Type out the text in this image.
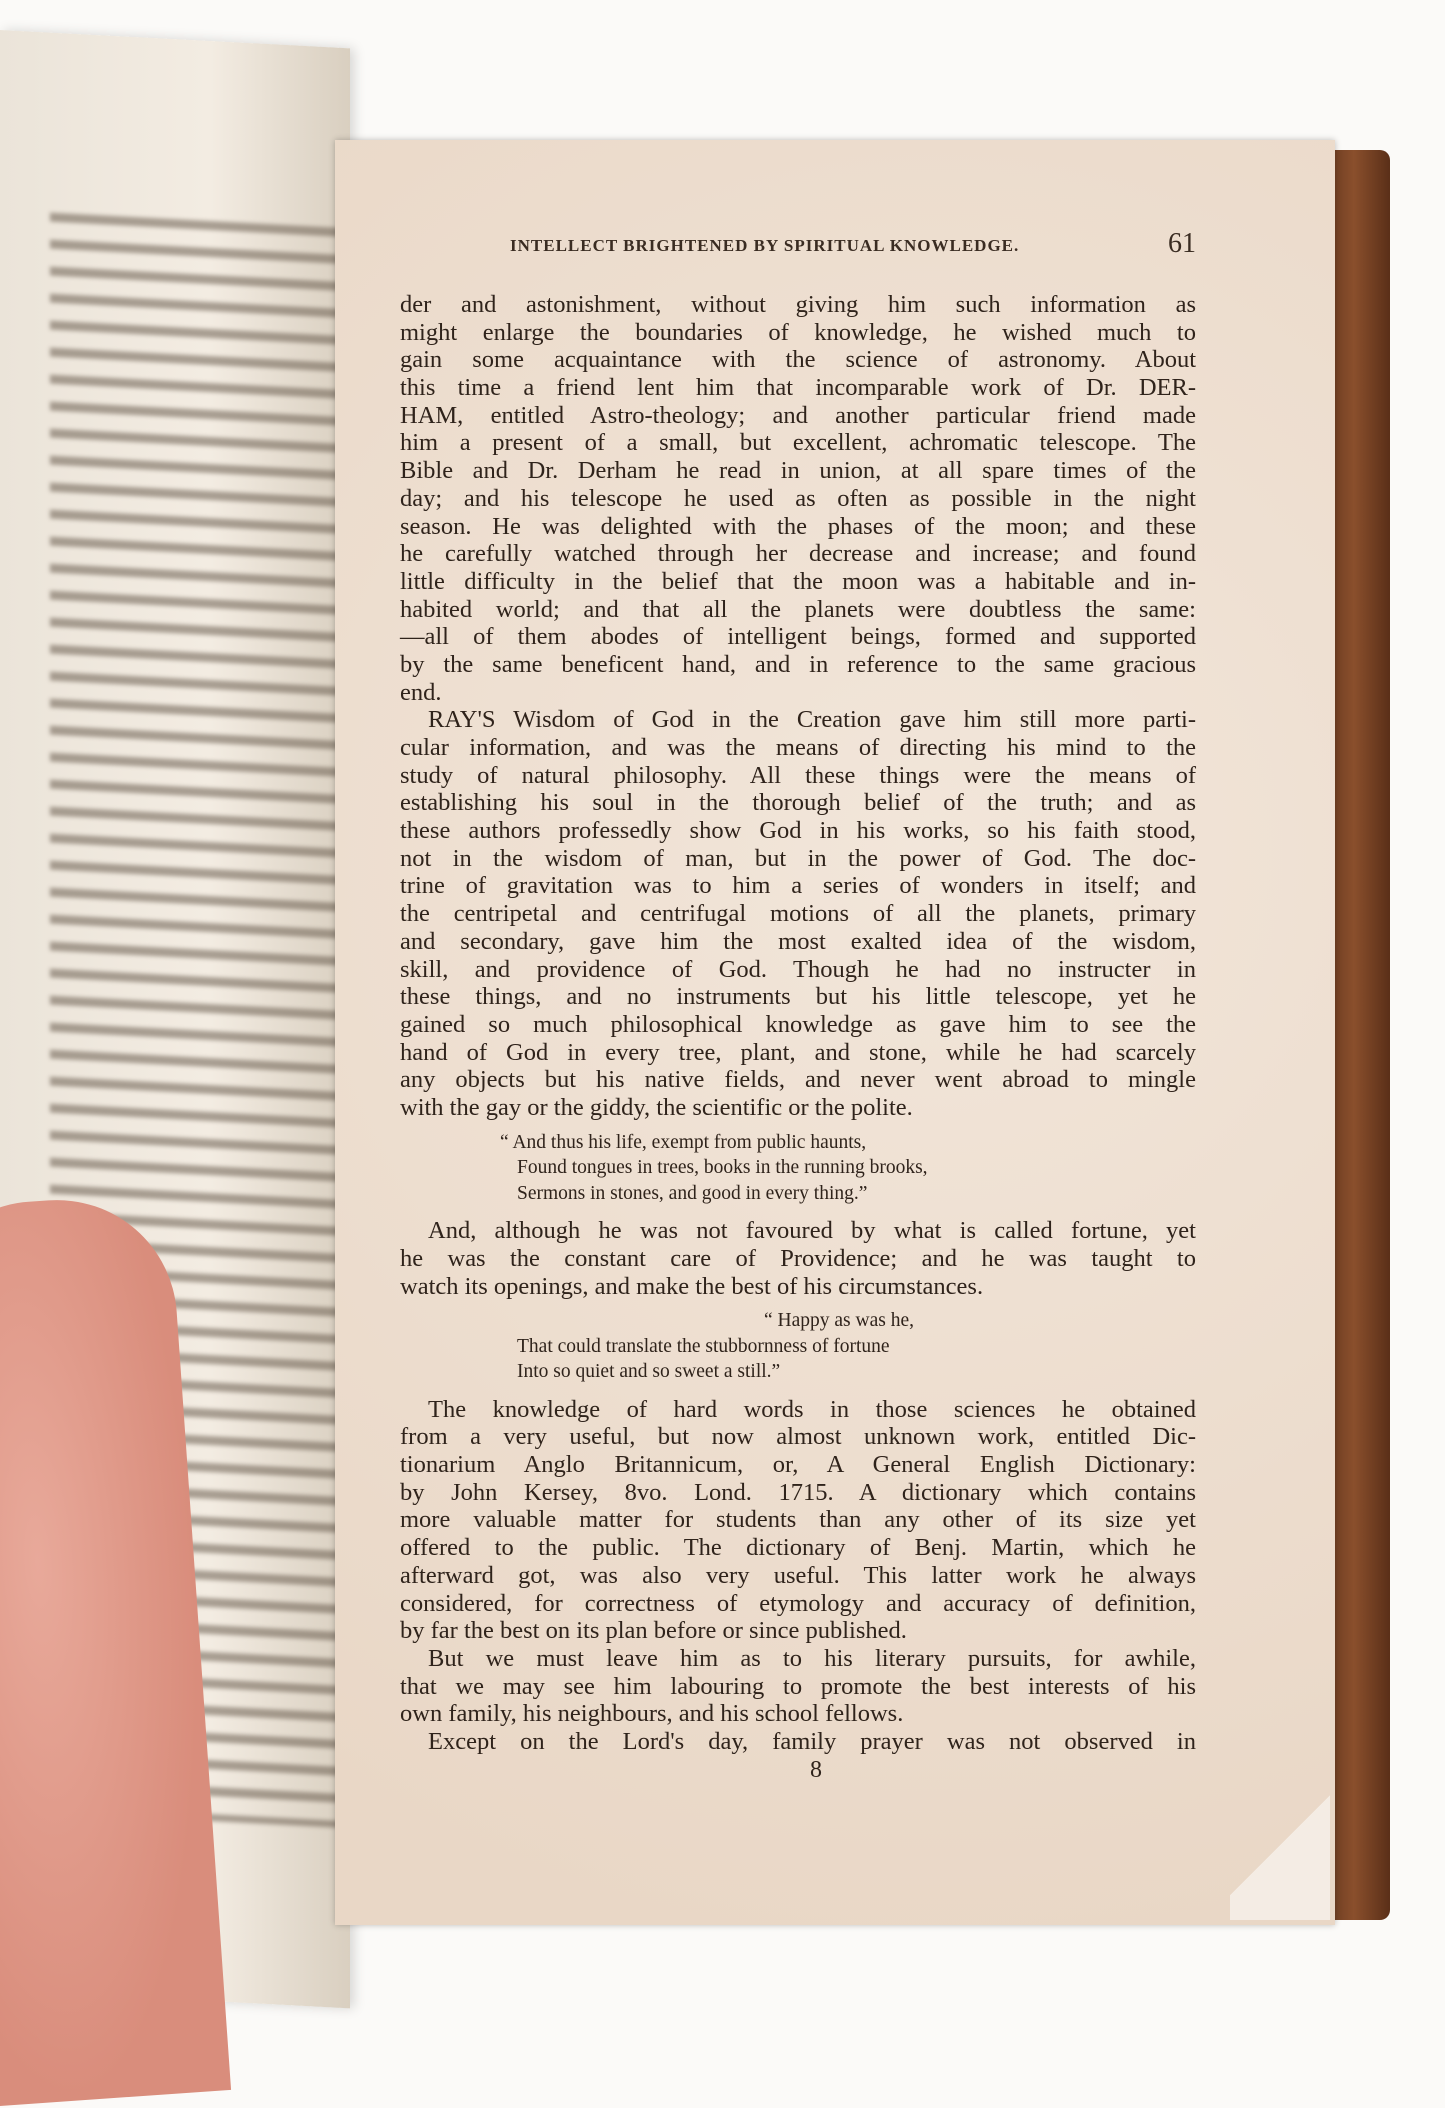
INTELLECT BRIGHTENED BY SPIRITUAL KNOWLEDGE.	61
der and astonishment, without giving him such information as
might enlarge the boundaries of knowledge, he wished much to
gain some acquaintance with the science of astronomy. About
this time a friend lent him that incomparable work of Dr. DER-
HAM, entitled Astro-theology; and another particular friend made
him a present of a small, but excellent, achromatic telescope. The
Bible and Dr. Derham he read in union, at all spare times of the
day; and his telescope he used as often as possible in the night
season. He was delighted with the phases of the moon; and these
he carefully watched through her decrease and increase; and found
little difficulty in the belief that the moon was a habitable and in-
habited world; and that all the planets were doubtless the same:
—all of them abodes of intelligent beings, formed and supported
by the same beneficent hand, and in reference to the same gracious
end.
RAY'S Wisdom of God in the Creation gave him still more parti-
cular information, and was the means of directing his mind to the
study of natural philosophy. All these things were the means of
establishing his soul in the thorough belief of the truth; and as
these authors professedly show God in his works, so his faith stood,
not in the wisdom of man, but in the power of God. The doc-
trine of gravitation was to him a series of wonders in itself; and
the centripetal and centrifugal motions of all the planets, primary
and secondary, gave him the most exalted idea of the wisdom,
skill, and providence of God. Though he had no instructer in
these things, and no instruments but his little telescope, yet he
gained so much philosophical knowledge as gave him to see the
hand of God in every tree, plant, and stone, while he had scarcely
any objects but his native fields, and never went abroad to mingle
with the gay or the giddy, the scientific or the polite.
“ And thus his life, exempt from public haunts,
Found tongues in trees, books in the running brooks,
Sermons in stones, and good in every thing.”
And, although he was not favoured by what is called fortune, yet
he was the constant care of Providence; and he was taught to
watch its openings, and make the best of his circumstances.
“ Happy as was he,
That could translate the stubbornness of fortune
Into so quiet and so sweet a still.”
The knowledge of hard words in those sciences he obtained
from a very useful, but now almost unknown work, entitled Dic-
tionarium Anglo Britannicum, or, A General English Dictionary:
by John Kersey, 8vo. Lond. 1715. A dictionary which contains
more valuable matter for students than any other of its size yet
offered to the public. The dictionary of Benj. Martin, which he
afterward got, was also very useful. This latter work he always
considered, for correctness of etymology and accuracy of definition,
by far the best on its plan before or since published.
But we must leave him as to his literary pursuits, for awhile,
that we may see him labouring to promote the best interests of his
own family, his neighbours, and his school fellows.
Except on the Lord's day, family prayer was not observed in
8
